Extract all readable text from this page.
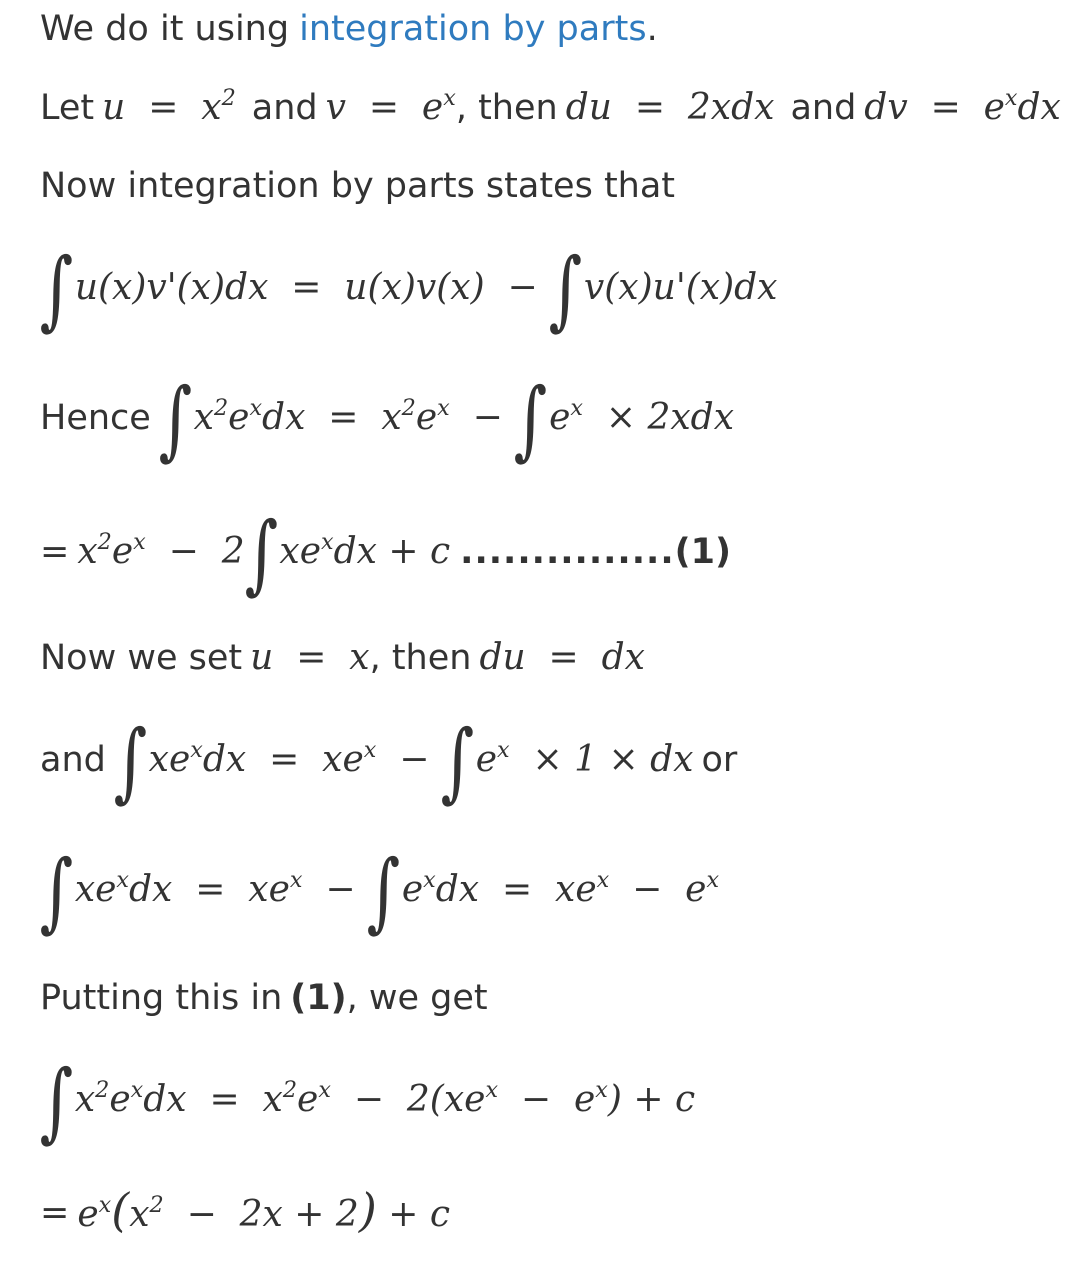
We do it using integration by parts .
Let $u = x^2$ and $v = e^x$ , then du  =  2xdx and dv  =  $e^xdx$
Now integration by parts states that
∫ u(x)v'(x)dx  =  u(x)v(x)  − ∫ v(x)u'(x)dx
Hence ∫ $x^2e^xdx = x^2e^x$  − ∫ $e^x \times 2xdx$
= $x^2e^x - 2$ ∫ $xe^xdx + c$ ............... (1)
Now we set u  =  x , then du  =  dx
and ∫ $xe^xdx = xe^x$  − ∫ $e^x \times 1$ × dx or
∫ $xe^xdx = xe^x$  − ∫ $e^xdx = xe^x - e^x$
Putting this in (1) , we get
∫ $x^2e^xdx = x^2e^x - 2(xe^x - e^x) + c$
= $e^x(x^2 - 2x + 2) + c$
